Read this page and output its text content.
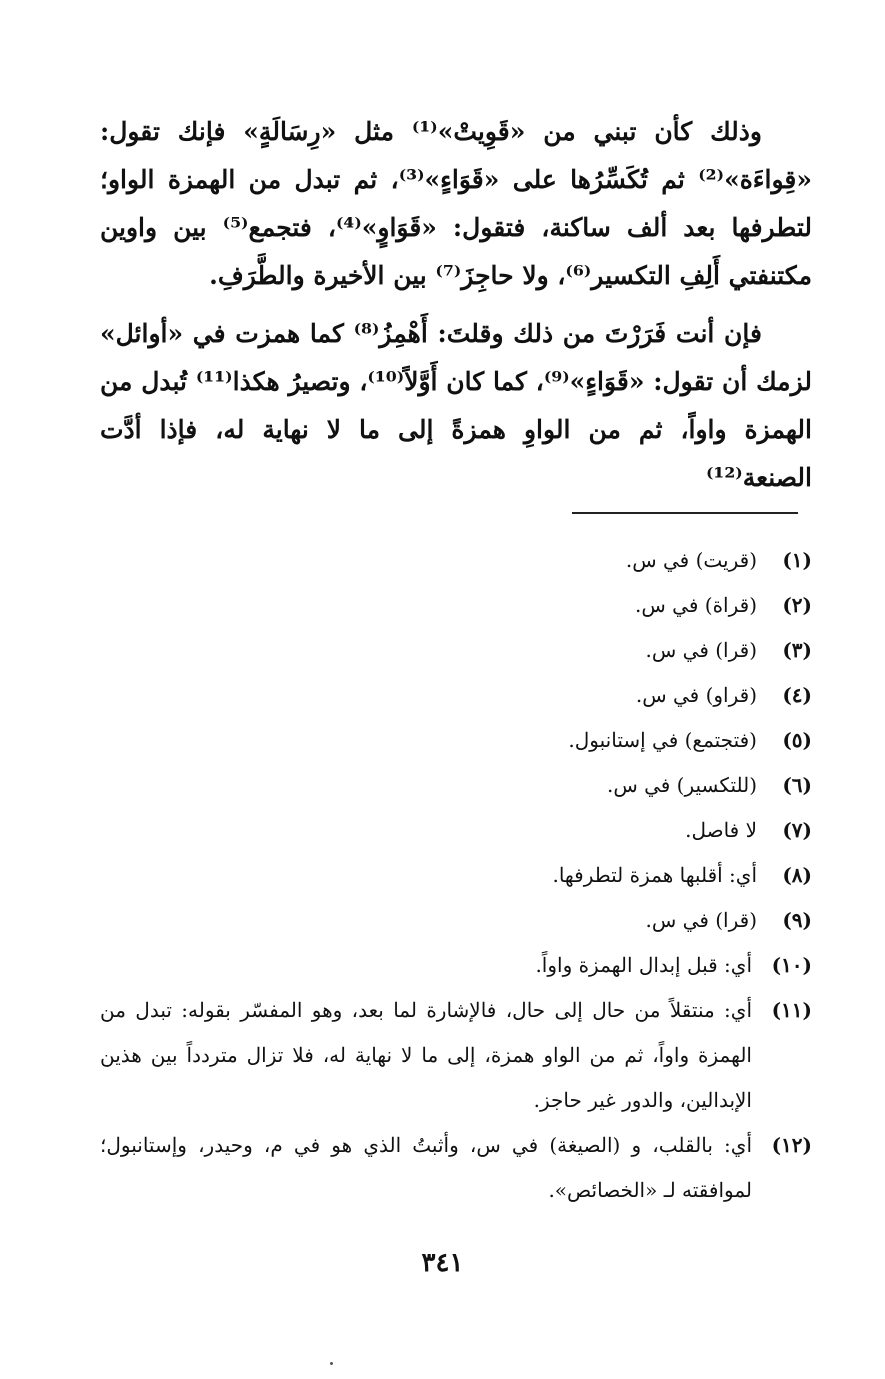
وذلك كأن تبني من «قَوِيتْ»⁽¹⁾ مثل «رِسَالَةٍ» فإنك تقول: «قِواءَة»⁽²⁾ ثم تُكَسِّرُها على «قَوَاءٍ»⁽³⁾، ثم تبدل من الهمزة الواو؛ لتطرفها بعد ألف ساكنة، فتقول: «قَوَاوٍ»⁽⁴⁾، فتجمع⁽⁵⁾ بين واوين مكتنفتي أَلِفِ التكسير⁽⁶⁾، ولا حاجِزَ⁽⁷⁾ بين الأخيرة والطَّرَفِ.

فإن أنت فَرَرْتَ من ذلك وقلتَ: أَهْمِزُ⁽⁸⁾ كما همزت في «أوائل» لزمك أن تقول: «قَوَاءٍ»⁽⁹⁾، كما كان أَوَّلاً⁽¹⁰⁾، وتصيرُ هكذا⁽¹¹⁾ تُبدل من الهمزة واواً، ثم من الواوِ همزةً إلى ما لا نهاية له، فإذا أدَّت الصنعة⁽¹²⁾

(١)
(قريت) في س.
(٢)
(قراة) في س.
(٣)
(قرا) في س.
(٤)
(قراو) في س.
(٥)
(فتجتمع) في إستانبول.
(٦)
(للتكسير) في س.
(٧)
لا فاصل.
(٨)
أي: أقلبها همزة لتطرفها.
(٩)
(قرا) في س.
(١٠)
أي: قبل إبدال الهمزة واواً.
(١١)
أي: منتقلاً من حال إلى حال، فالإشارة لما بعد، وهو المفسّر بقوله: تبدل من الهمزة واواً، ثم من الواو همزة، إلى ما لا نهاية له، فلا تزال متردداً بين هذين الإبدالين، والدور غير حاجز.
(١٢)
أي: بالقلب، و (الصيغة) في س، وأثبتُ الذي هو في م، وحيدر، وإستانبول؛ لموافقته لـ «الخصائص».
٣٤١
